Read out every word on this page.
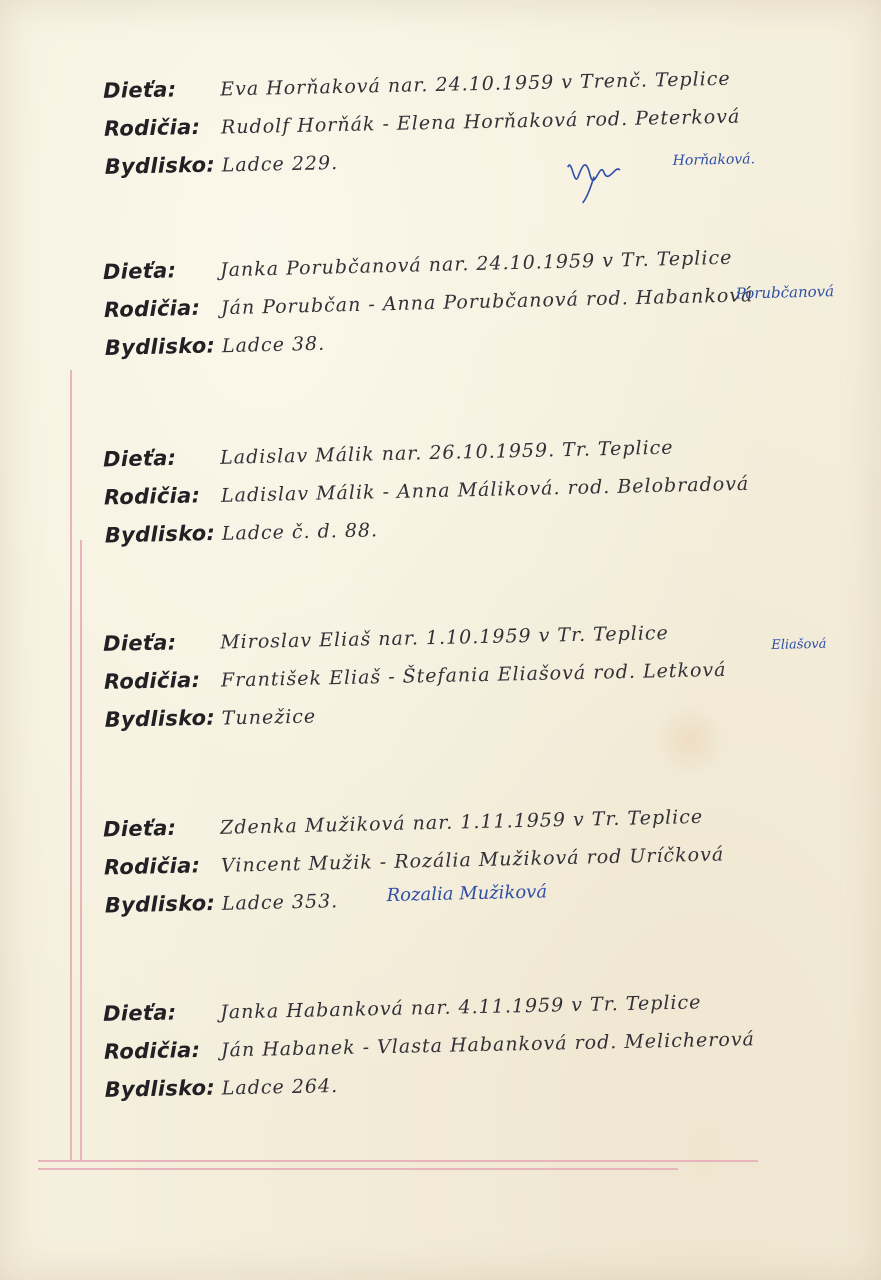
Dieťa: Eva Horňaková nar. 24.10.1959 v Trenč. Teplice
Rodičia: Rudolf Horňák - Elena Horňaková rod. Peterková
Bydlisko: Ladce 229.	Horňaková.
Dieťa: Janka Porubčanová nar. 24.10.1959 v Tr. Teplice
Rodičia: Ján Porubčan - Anna Porubčanová rod. Habanková
Bydlisko: Ladce 38.
Porubčanová
Dieťa: Ladislav Málik nar. 26.10.1959. Tr. Teplice
Rodičia: Ladislav Málik - Anna Máliková. rod. Belobradová
Bydlisko: Ladce č. d. 88.
Dieťa: Miroslav Eliaš nar. 1.10.1959 v Tr. Teplice
Rodičia: František Eliaš - Štefania Eliašová rod. Letková
Bydlisko: Tunežice
Eliašová
Dieťa: Zdenka Mužiková nar. 1.11.1959 v Tr. Teplice
Rodičia: Vincent Mužik - Rozália Mužiková rod Uríčková
Bydlisko: Ladce 353.	Rozalia Mužiková
Dieťa: Janka Habanková nar. 4.11.1959 v Tr. Teplice
Rodičia: Ján Habanek - Vlasta Habanková rod. Melicherová
Bydlisko: Ladce 264.
